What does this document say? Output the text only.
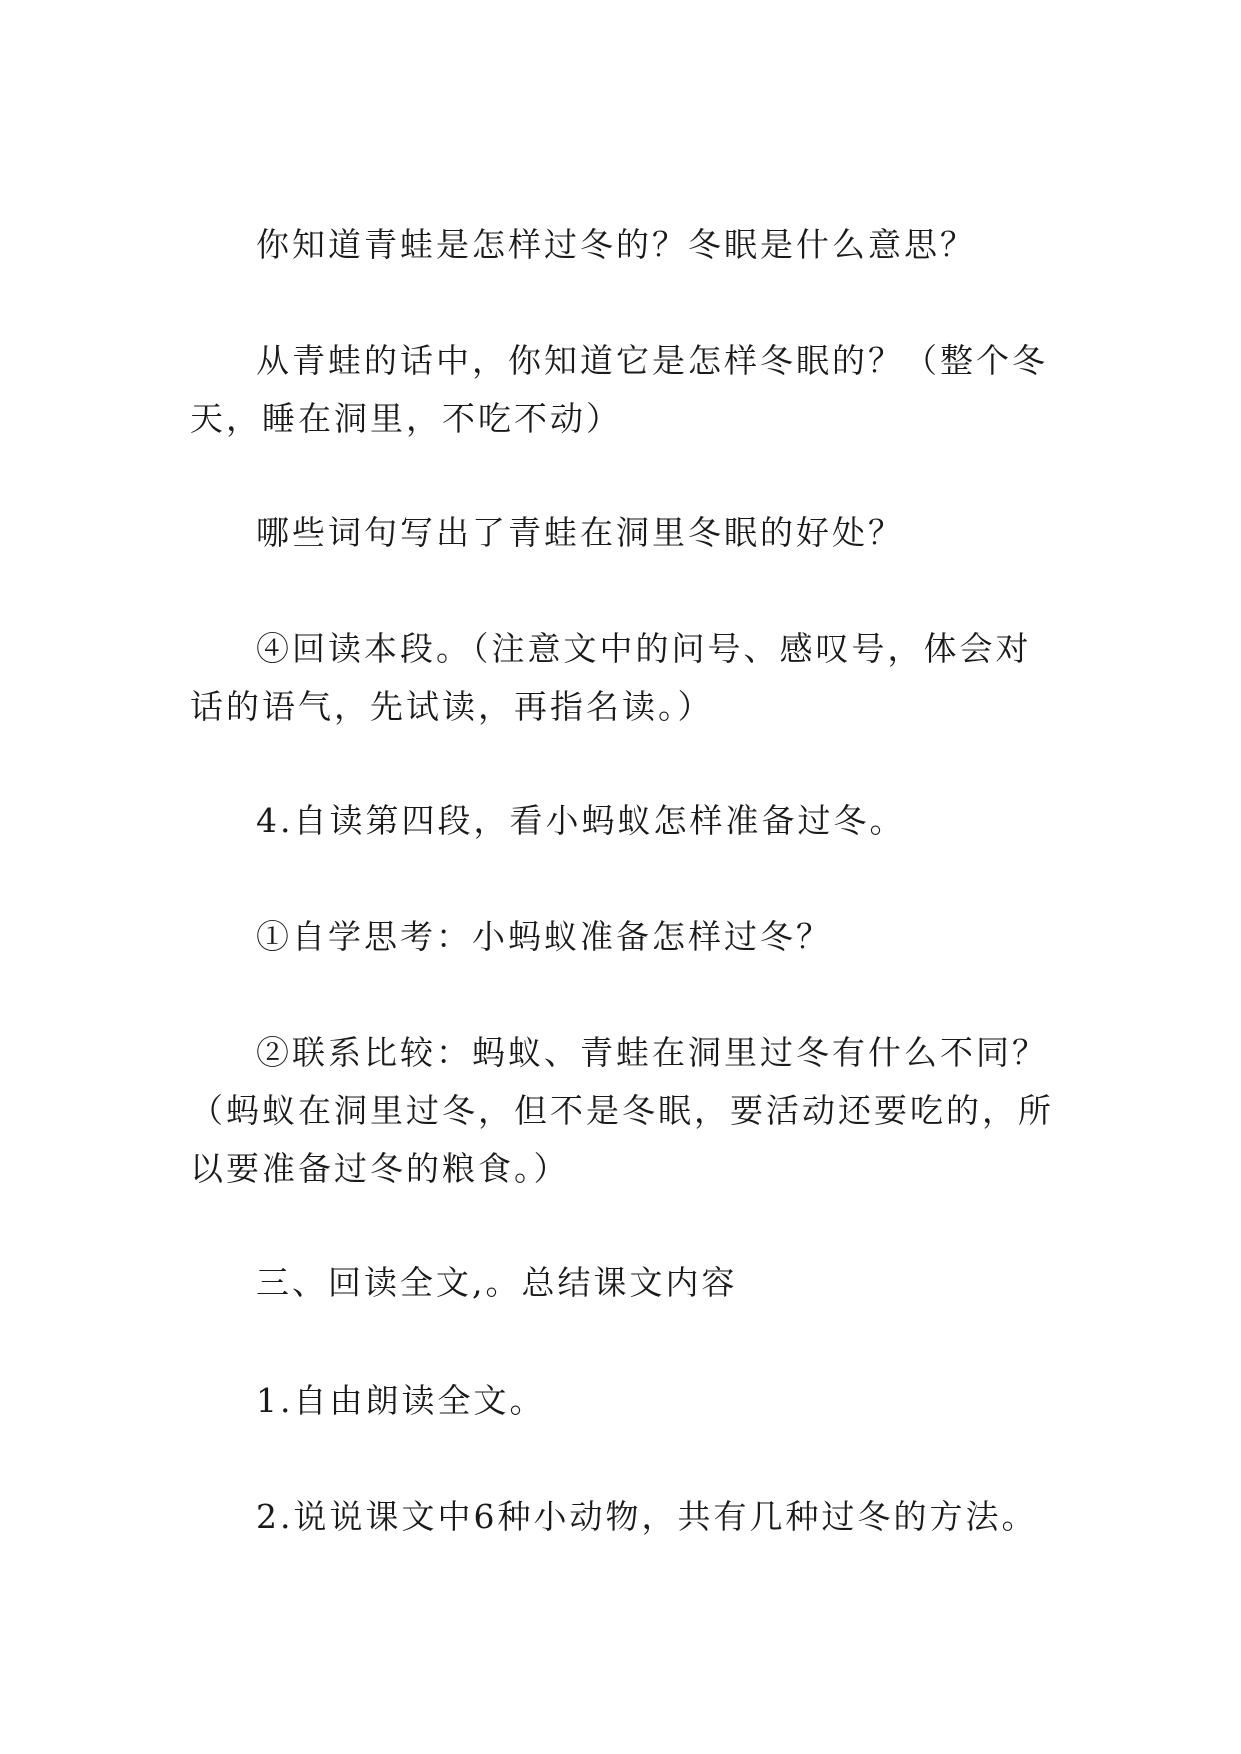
你知道青蛙是怎样过冬的？冬眠是什么意思？

从青蛙的话中，你知道它是怎样冬眠的？（整个冬天，睡在洞里，不吃不动）

哪些词句写出了青蛙在洞里冬眠的好处？

④回读本段。（注意文中的问号、感叹号，体会对话的语气，先试读，再指名读。）

4.自读第四段，看小蚂蚁怎样准备过冬。

①自学思考：小蚂蚁准备怎样过冬？

②联系比较：蚂蚁、青蛙在洞里过冬有什么不同？（蚂蚁在洞里过冬，但不是冬眠，要活动还要吃的，所以要准备过冬的粮食。）

三、回读全文,。总结课文内容

1.自由朗读全文。

2.说说课文中6种小动物，共有几种过冬的方法。
